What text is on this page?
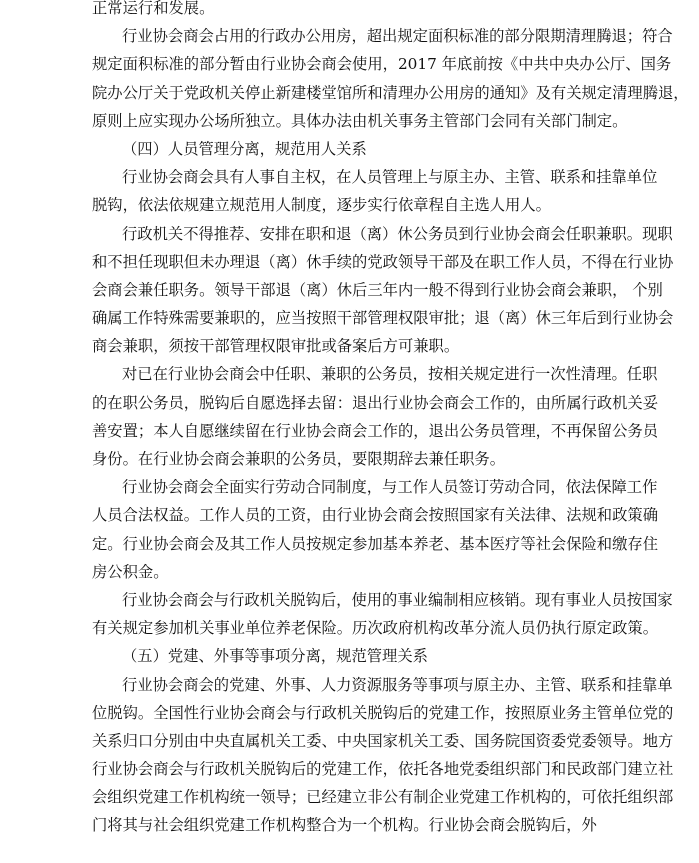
正常运行和发展。
行业协会商会占用的行政办公用房，超出规定面积标准的部分限期清理腾退；符合
规定面积标准的部分暂由行业协会商会使用，2017 年底前按《中共中央办公厅、国务
院办公厅关于党政机关停止新建楼堂馆所和清理办公用房的通知》及有关规定清理腾退，
原则上应实现办公场所独立。具体办法由机关事务主管部门会同有关部门制定。
（四）人员管理分离，规范用人关系
行业协会商会具有人事自主权，在人员管理上与原主办、主管、联系和挂靠单位
脱钩，依法依规建立规范用人制度，逐步实行依章程自主选人用人。
行政机关不得推荐、安排在职和退（离）休公务员到行业协会商会任职兼职。现职
和不担任现职但未办理退（离）休手续的党政领导干部及在职工作人员，不得在行业协
会商会兼任职务。领导干部退（离）休后三年内一般不得到行业协会商会兼职， 个别
确属工作特殊需要兼职的，应当按照干部管理权限审批；退（离）休三年后到行业协会
商会兼职，须按干部管理权限审批或备案后方可兼职。
对已在行业协会商会中任职、兼职的公务员，按相关规定进行一次性清理。任职
的在职公务员，脱钩后自愿选择去留：退出行业协会商会工作的，由所属行政机关妥
善安置；本人自愿继续留在行业协会商会工作的，退出公务员管理，不再保留公务员
身份。在行业协会商会兼职的公务员，要限期辞去兼任职务。
行业协会商会全面实行劳动合同制度，与工作人员签订劳动合同，依法保障工作
人员合法权益。工作人员的工资，由行业协会商会按照国家有关法律、法规和政策确
定。行业协会商会及其工作人员按规定参加基本养老、基本医疗等社会保险和缴存住
房公积金。
行业协会商会与行政机关脱钩后，使用的事业编制相应核销。现有事业人员按国家
有关规定参加机关事业单位养老保险。历次政府机构改革分流人员仍执行原定政策。
（五）党建、外事等事项分离，规范管理关系
行业协会商会的党建、外事、人力资源服务等事项与原主办、主管、联系和挂靠单
位脱钩。全国性行业协会商会与行政机关脱钩后的党建工作，按照原业务主管单位党的
关系归口分别由中央直属机关工委、中央国家机关工委、国务院国资委党委领导。地方
行业协会商会与行政机关脱钩后的党建工作，依托各地党委组织部门和民政部门建立社
会组织党建工作机构统一领导；已经建立非公有制企业党建工作机构的，可依托组织部
门将其与社会组织党建工作机构整合为一个机构。行业协会商会脱钩后，外
